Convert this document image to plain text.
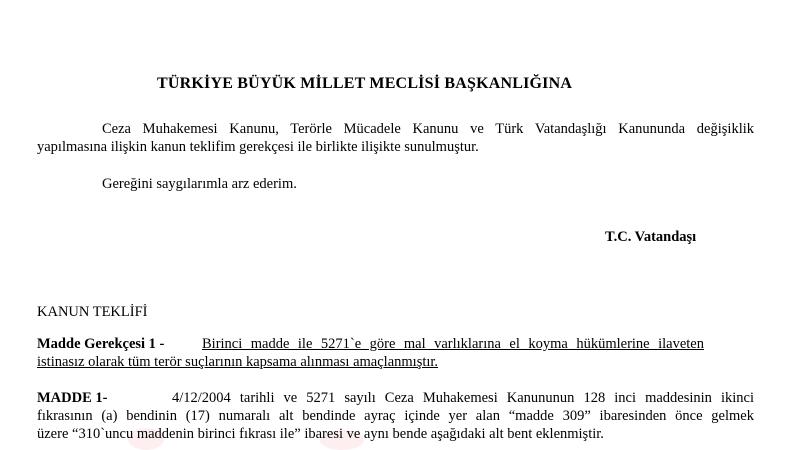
TÜRKİYE BÜYÜK MİLLET MECLİSİ BAŞKANLIĞINA
Ceza Muhakemesi Kanunu, Terörle Mücadele Kanunu ve Türk Vatandaşlığı Kanununda değişiklik
yapılmasına ilişkin kanun teklifim gerekçesi ile birlikte ilişikte sunulmuştur.
Gereğini saygılarımla arz ederim.
T.C. Vatandaşı
KANUN TEKLİFİ
Madde Gerekçesi 1 -	Birinci madde ile 5271`e göre mal varlıklarına el koyma hükümlerine ilaveten
istinasız olarak tüm terör suçlarının kapsama alınması amaçlanmıştır.
MADDE 1-	4/12/2004 tarihli ve 5271 sayılı Ceza Muhakemesi Kanununun 128 inci maddesinin ikinci
fıkrasının (a) bendinin (17) numaralı alt bendinde ayraç içinde yer alan “madde 309” ibaresinden önce gelmek
üzere “310`uncu maddenin birinci fıkrası ile” ibaresi ve aynı bende aşağıdaki alt bent eklenmiştir.
